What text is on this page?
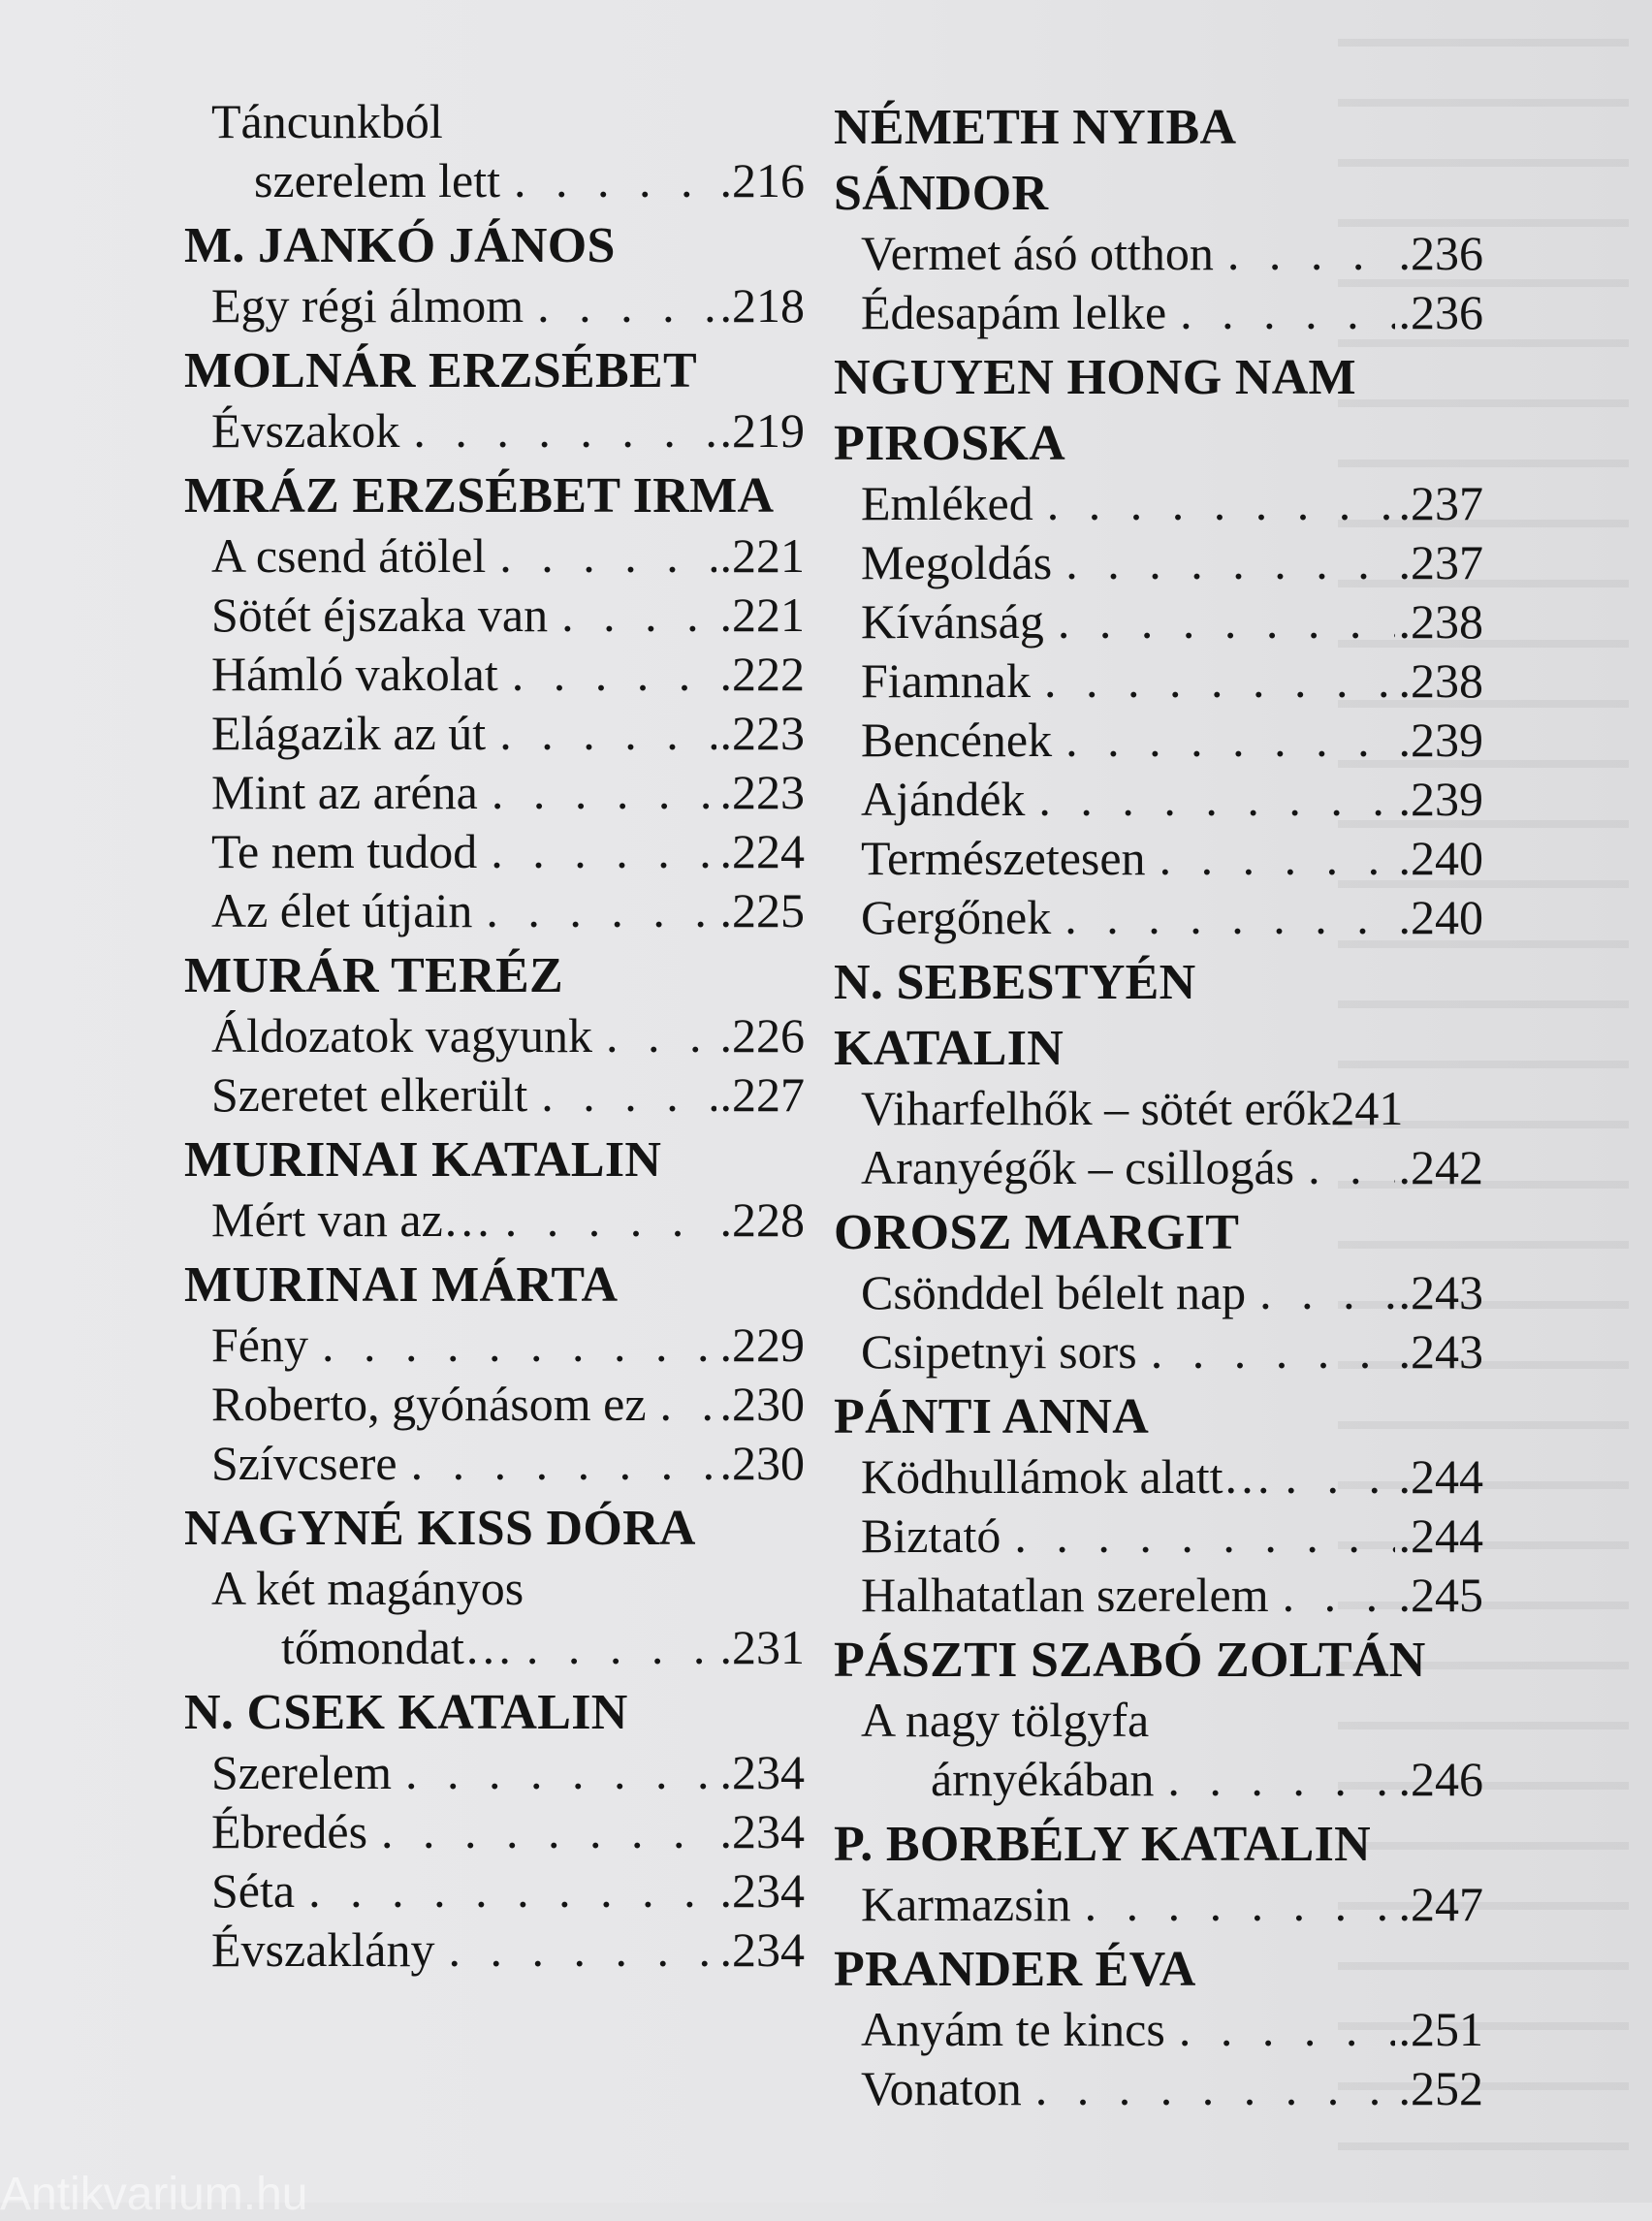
Táncunkból
szerelem lett . . .	.216
M. JANKÓ JÁNOS
Egy régi álmom . . .	.218
MOLNÁR ERZSÉBET
Évszakok . . .	.219
MRÁZ ERZSÉBET IRMA
A csend átölel . . .	.221
Sötét éjszaka van . . .	.221
Hámló vakolat . . .	.222
Elágazik az út . . .	.223
Mint az aréna . . .	.223
Te nem tudod . . .	.224
Az élet útjain . . .	.225
MURÁR TERÉZ
Áldozatok vagyunk . . .	.226
Szeretet elkerült . . .	.227
MURINAI KATALIN
Mért van az… . . .	.228
MURINAI MÁRTA
Fény . . .	.229
Roberto, gyónásom ez . . . .230
Szívcsere . . .	.230
NAGYNÉ KISS DÓRA
A két magányos
tőmondat… . . .	.231
N. CSEK KATALIN
Szerelem . . .	.234
Ébredés . . .	.234
Séta . . .	.234
Évszaklány . . .	.234
NÉMETH NYIBA
SÁNDOR
Vermet ásó otthon . . .	.236
Édesapám lelke . . .	.236
NGUYEN HONG NAM
PIROSKA
Emléked . . .	.237
Megoldás . . .	.237
Kívánság . . .	.238
Fiamnak . . .	.238
Bencének . . .	.239
Ajándék . . .	.239
Természetesen . . .	.240
Gergőnek . . .	.240
N. SEBESTYÉN
KATALIN
Viharfelhők – sötét erők241
Aranyégők – csillogás . . . .242
OROSZ MARGIT
Csönddel bélelt nap . . .	.243
Csipetnyi sors . . .	.243
PÁNTI ANNA
Ködhullámok alatt… . . .	.244
Biztató . . .	.244
Halhatatlan szerelem . . .	.245
PÁSZTI SZABÓ ZOLTÁN
A nagy tölgyfa
árnyékában . . .	.246
P. BORBÉLY KATALIN
Karmazsin . . .	.247
PRANDER ÉVA
Anyám te kincs . . .	.251
Vonaton . . .	.252
Antikvarium.hu
